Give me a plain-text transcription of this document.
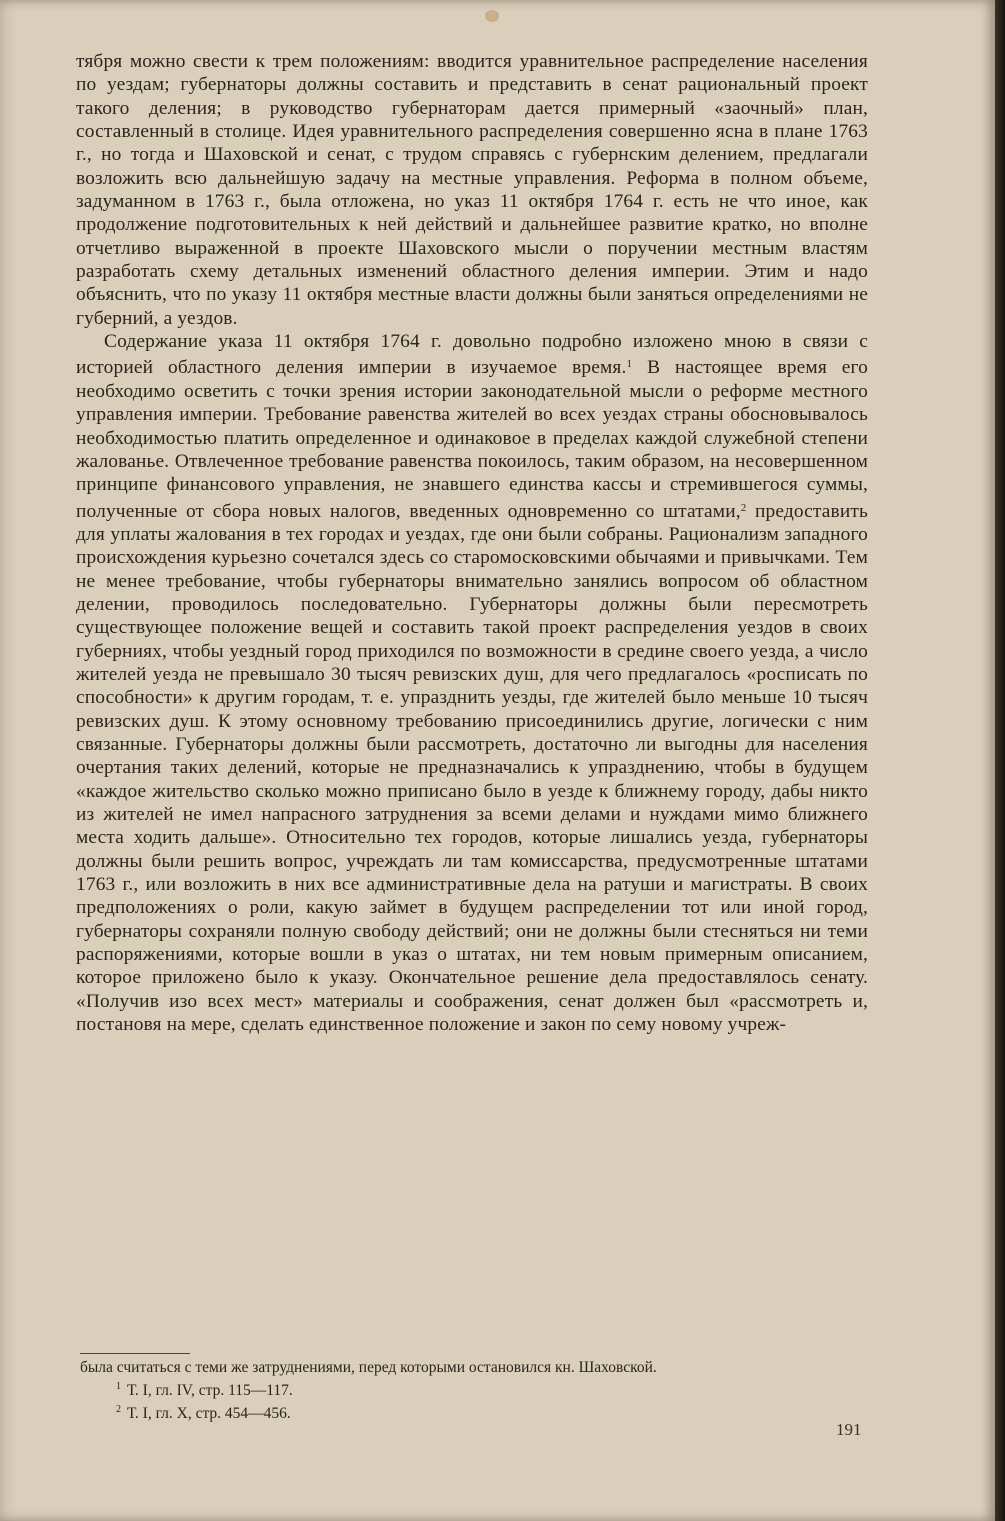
тября можно свести к трем положениям: вводится уравнительное распределение населения по уездам; губернаторы должны составить и представить в сенат рациональный проект такого деления; в руководство губернаторам дается примерный «заочный» план, составленный в столице. Идея уравнительного распределения совершенно ясна в плане 1763 г., но тогда и Шаховской и сенат, с трудом справясь с губернским делением, предлагали возложить всю дальнейшую задачу на местные управления. Реформа в полном объеме, задуманном в 1763 г., была отложена, но указ 11 октября 1764 г. есть не что иное, как продолжение подготовительных к ней действий и дальнейшее развитие кратко, но вполне отчетливо выраженной в проекте Шаховского мысли о поручении местным властям разработать схему детальных изменений областного деления империи. Этим и надо объяснить, что по указу 11 октября местные власти должны были заняться определениями не губерний, а уездов.

Содержание указа 11 октября 1764 г. довольно подробно изложено мною в связи с историей областного деления империи в изучаемое время.$^1$ В настоящее время его необходимо осветить с точки зрения истории законодательной мысли о реформе местного управления империи. Требование равенства жителей во всех уездах страны обосновывалось необходимостью платить определенное и одинаковое в пределах каждой служебной степени жалованье. Отвлеченное требование равенства покоилось, таким образом, на несовершенном принципе финансового управления, не знавшего единства кассы и стремившегося суммы, полученные от сбора новых налогов, введенных одновременно со штатами,$^2$ предоставить для уплаты жалования в тех городах и уездах, где они были собраны. Рационализм западного происхождения курьезно сочетался здесь со старомосковскими обычаями и привычками. Тем не менее требование, чтобы губернаторы внимательно занялись вопросом об областном делении, проводилось последовательно. Губернаторы должны были пересмотреть существующее положение вещей и составить такой проект распределения уездов в своих губерниях, чтобы уездный город приходился по возможности в средине своего уезда, а число жителей уезда не превышало 30 тысяч ревизских душ, для чего предлагалось «росписать по способности» к другим городам, т. е. упразднить уезды, где жителей было меньше 10 тысяч ревизских душ. К этому основному требованию присоединились другие, логически с ним связанные. Губернаторы должны были рассмотреть, достаточно ли выгодны для населения очертания таких делений, которые не предназначались к упразднению, чтобы в будущем «каждое жительство сколько можно приписано было в уезде к ближнему городу, дабы никто из жителей не имел напрасного затруднения за всеми делами и нуждами мимо ближнего места ходить дальше». Относительно тех городов, которые лишались уезда, губернаторы должны были решить вопрос, учреждать ли там комиссарства, предусмотренные штатами 1763 г., или возложить в них все административные дела на ратуши и магистраты. В своих предположениях о роли, какую займет в будущем распределении тот или иной город, губернаторы сохраняли полную свободу действий; они не должны были стесняться ни теми распоряжениями, которые вошли в указ о штатах, ни тем новым примерным описанием, которое приложено было к указу. Окончательное решение дела предоставлялось сенату. «Получив изо всех мест» материалы и соображения, сенат должен был «рассмотреть и, постановя на мере, сделать единственное положение и закон по сему новому учреж-

была считаться с теми же затруднениями, перед которыми остановился кн. Шаховской.
$^1$ Т. I, гл. IV, стр. 115—117.
$^2$ Т. I, гл. X, стр. 454—456.
191
